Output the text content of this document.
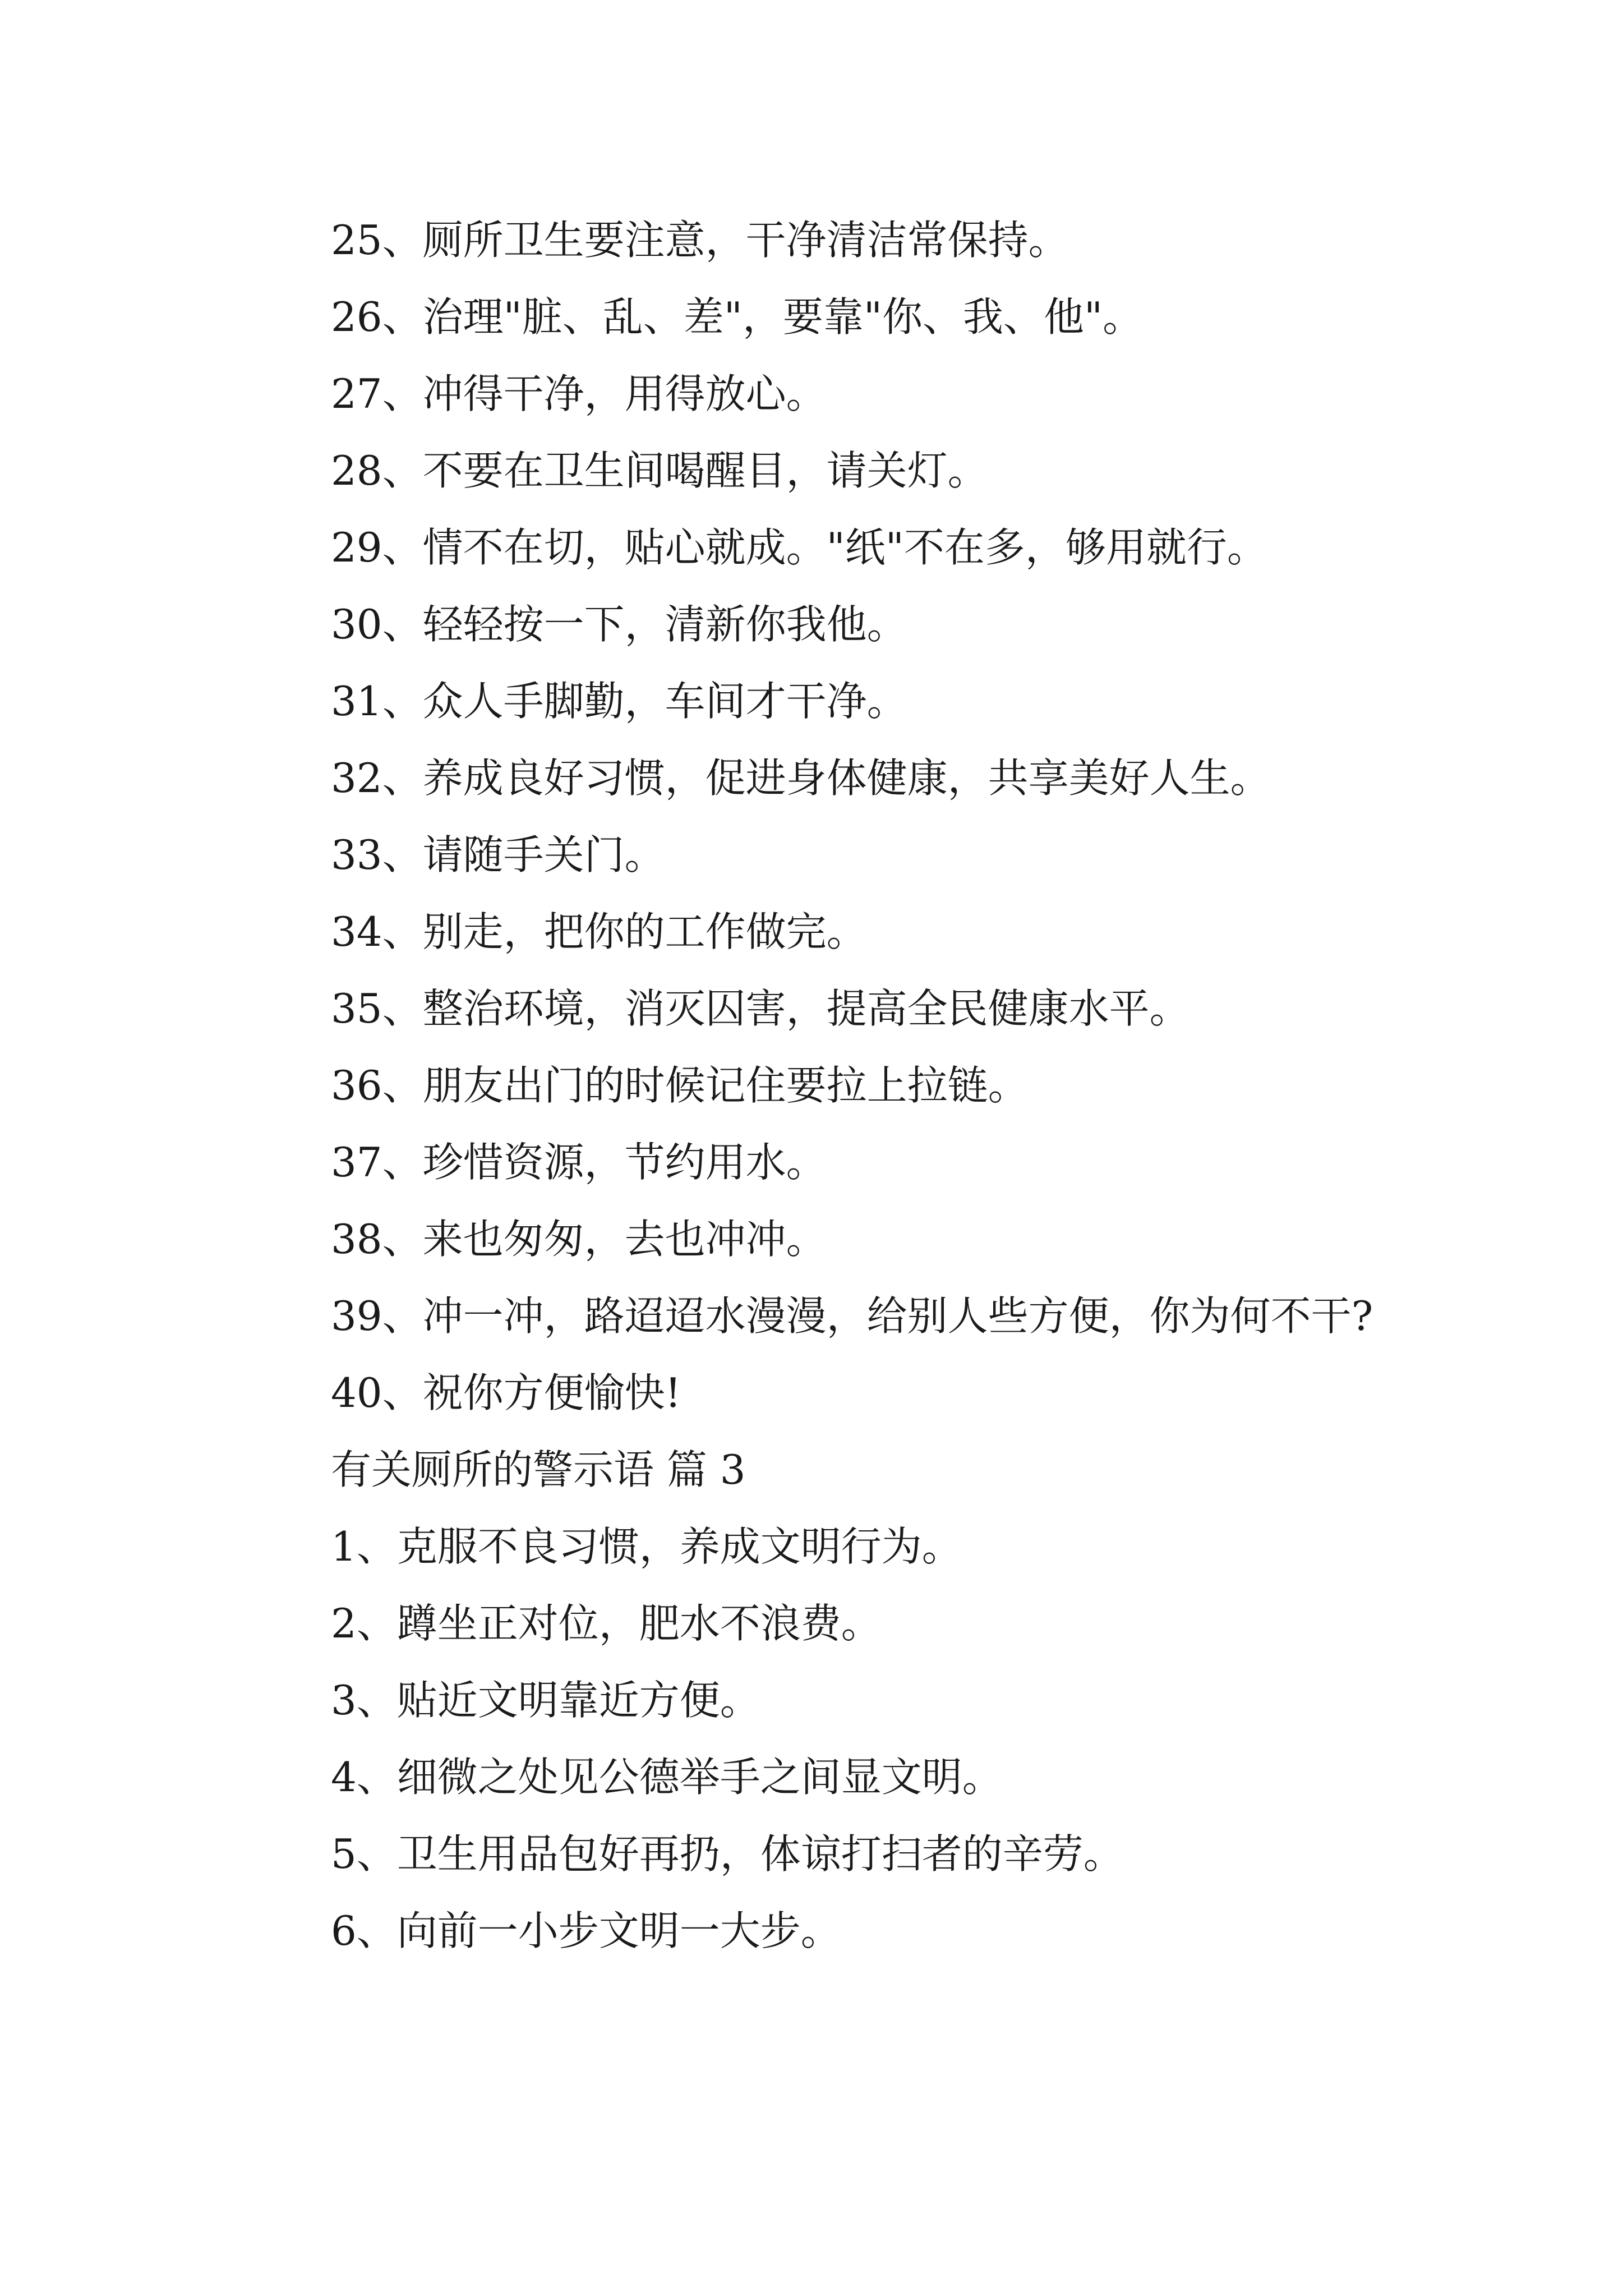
25、厕所卫生要注意，干净清洁常保持。

26、治理"脏、乱、差"，要靠"你、我、他"。

27、冲得干净，用得放心。

28、不要在卫生间喝醒目，请关灯。

29、情不在切，贴心就成。"纸"不在多，够用就行。

30、轻轻按一下，清新你我他。

31、众人手脚勤，车间才干净。

32、养成良好习惯，促进身体健康，共享美好人生。

33、请随手关门。

34、别走，把你的工作做完。

35、整治环境，消灭囚害，提高全民健康水平。

36、朋友出门的时候记住要拉上拉链。

37、珍惜资源，节约用水。

38、来也匆匆，去也冲冲。

39、冲一冲，路迢迢水漫漫，给别人些方便，你为何不干?

40、祝你方便愉快!

有关厕所的警示语 篇 3

1、克服不良习惯，养成文明行为。

2、蹲坐正对位，肥水不浪费。

3、贴近文明靠近方便。

4、细微之处见公德举手之间显文明。

5、卫生用品包好再扔，体谅打扫者的辛劳。

6、向前一小步文明一大步。
